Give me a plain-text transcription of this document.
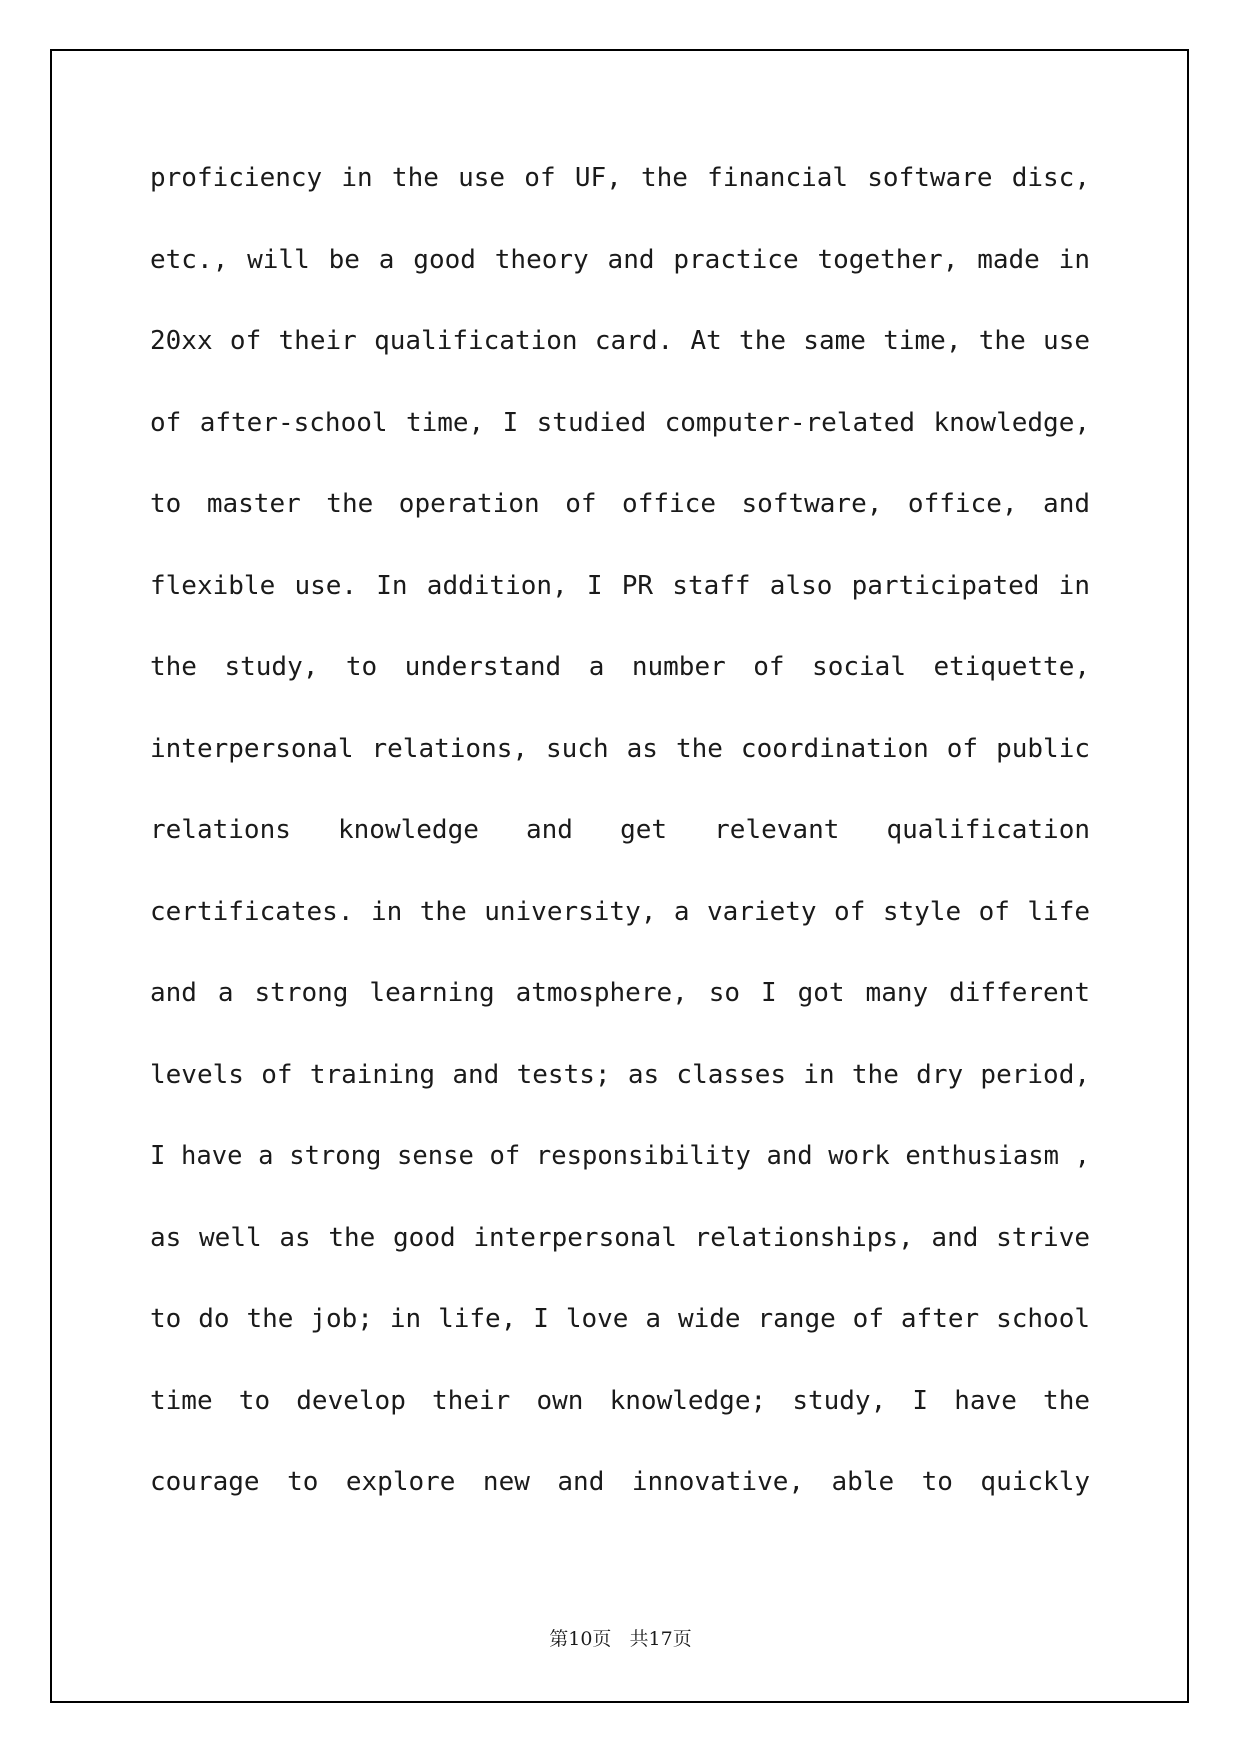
proficiency in the use of UF, the financial software disc,
etc., will be a good theory and practice together, made in
20xx of their qualification card. At the same time, the use
of after-school time, I studied computer-related knowledge,
to master the operation of office software, office, and
flexible use. In addition, I PR staff also participated in
the study, to understand a number of social etiquette,
interpersonal relations, such as the coordination of public
relations knowledge and get relevant qualification
certificates. in the university, a variety of style of life
and a strong learning atmosphere, so I got many different
levels of training and tests; as classes in the dry period,
I have a strong sense of responsibility and work enthusiasm ,
as well as the good interpersonal relationships, and strive
to do the job; in life, I love a wide range of after school
time to develop their own knowledge; study, I have the
courage to explore new and innovative, able to quickly
第10页   共17页
